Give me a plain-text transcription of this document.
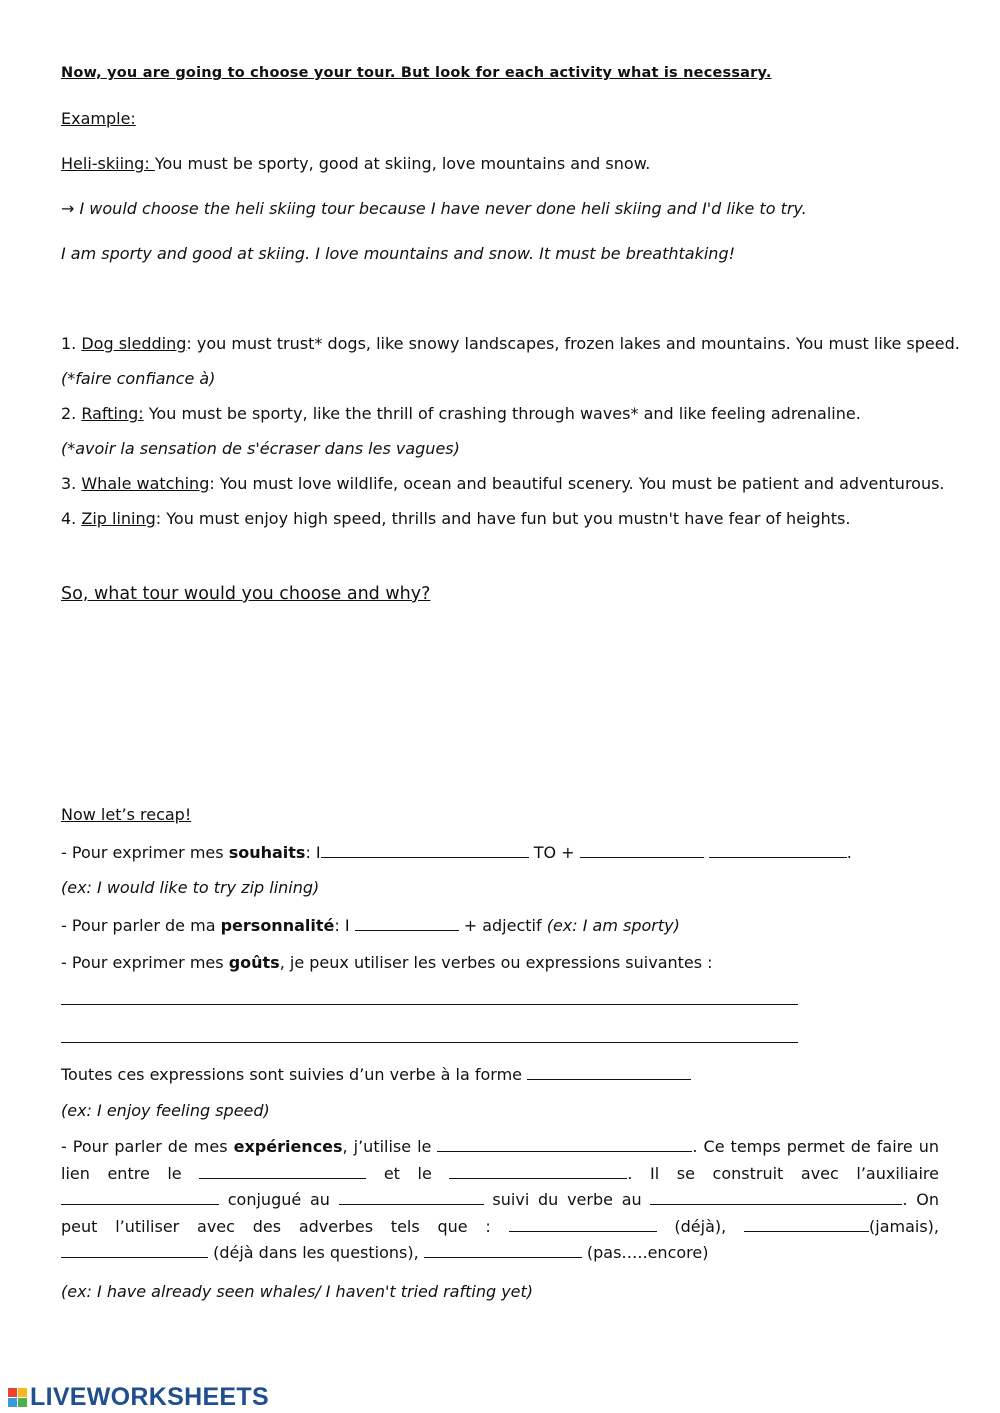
Now, you are going to choose your tour. But look for each activity what is necessary.
Example:
Heli-skiing: You must be sporty, good at skiing, love mountains and snow.
→ I would choose the heli skiing tour because I have never done heli skiing and I'd like to try.
I am sporty and good at skiing. I love mountains and snow. It must be breathtaking!
1. Dog sledding: you must trust* dogs, like snowy landscapes, frozen lakes and mountains. You must like speed.
(*faire confiance à)
2. Rafting: You must be sporty, like the thrill of crashing through waves* and like feeling adrenaline.
(*avoir la sensation de s'écraser dans les vagues)
3. Whale watching: You must love wildlife, ocean and beautiful scenery. You must be patient and adventurous.
4. Zip lining: You must enjoy high speed, thrills and have fun but you mustn't have fear of heights.
So, what tour would you choose and why?
Now let’s recap!
- Pour exprimer mes souhaits: I	TO +	.
(ex: I would like to try zip lining)
- Pour parler de ma personnalité: I	+ adjectif (ex: I am sporty)
- Pour exprimer mes goûts, je peux utiliser les verbes ou expressions suivantes :
Toutes ces expressions sont suivies d’un verbe à la forme
(ex: I enjoy feeling speed)
- Pour parler de mes expériences, j’utilise le	. Ce temps permet de faire un lien entre le	et le	. Il se construit avec l’auxiliaire  conjugué au	suivi du verbe au	. On peut l’utiliser avec des adverbes tels que :	(déjà),	(jamais),  (déjà dans les questions),	(pas…..encore)
(ex: I have already seen whales/ I haven't tried rafting yet)
LIVEWORKSHEETS
